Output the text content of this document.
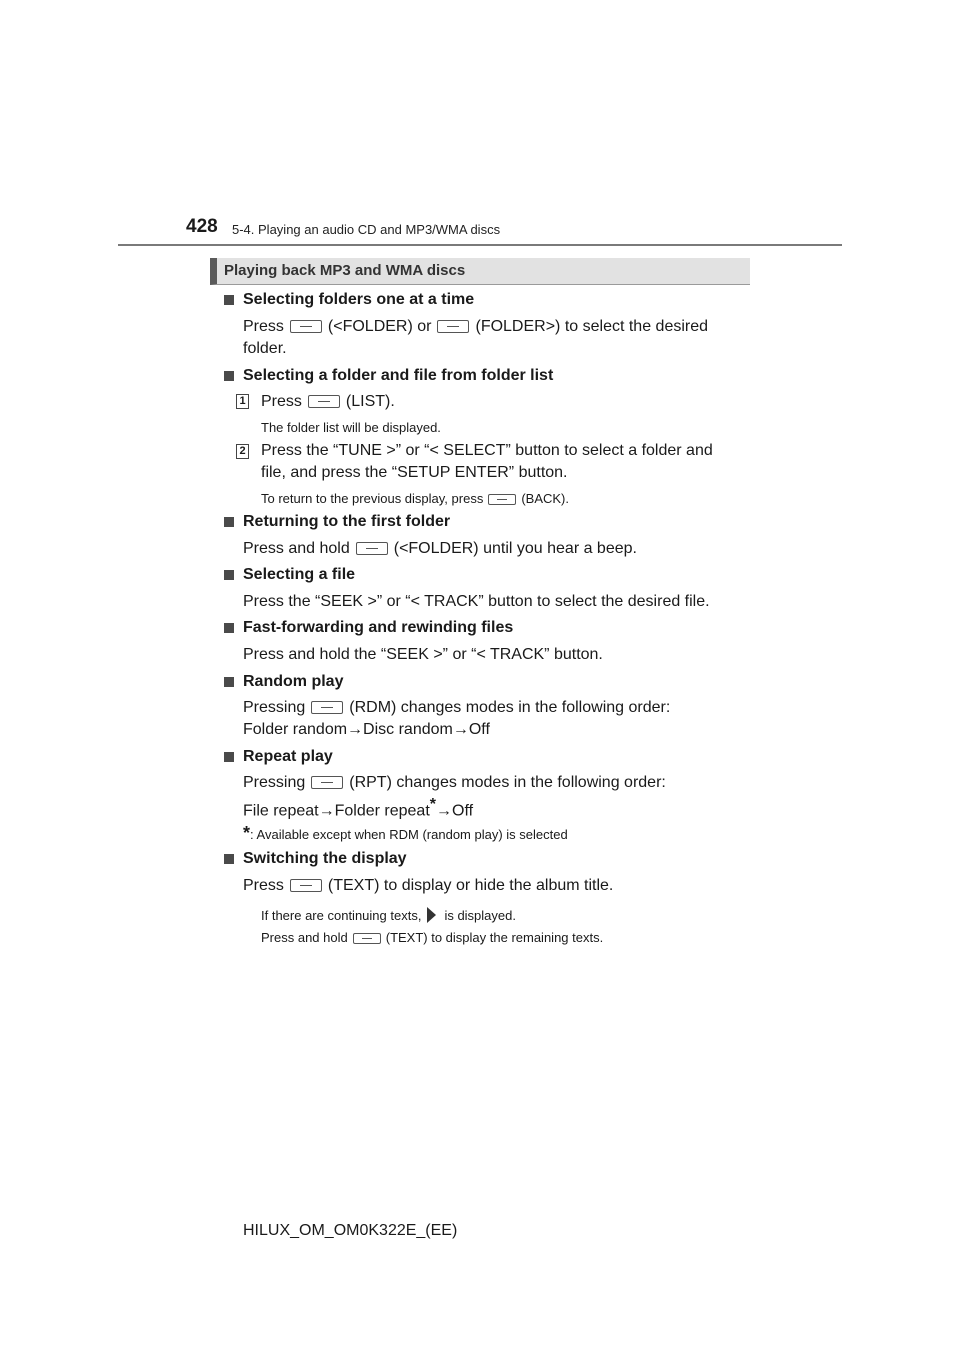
428 5-4. Playing an audio CD and MP3/WMA discs
Playing back MP3 and WMA discs
Selecting folders one at a time
Press	(<FOLDER) or	(FOLDER>) to select the desired
folder.
Selecting a folder and file from folder list
1 Press	(LIST).
The folder list will be displayed.
2 Press the “TUNE >” or “< SELECT” button to select a folder and
file, and press the “SETUP ENTER” button.
To return to the previous display, press	(BACK).
Returning to the first folder
Press and hold	(<FOLDER) until you hear a beep.
Selecting a file
Press the “SEEK >” or “< TRACK” button to select the desired file.
Fast-forwarding and rewinding files
Press and hold the “SEEK >” or “< TRACK” button.
Random play
Pressing	(RDM) changes modes in the following order:
Folder random→Disc random→Off
Repeat play
Pressing	(RPT) changes modes in the following order:
File repeat→Folder repeat*→Off
*: Available except when RDM (random play) is selected
Switching the display
Press	(TEXT) to display or hide the album title.
If there are continuing texts, is displayed.
Press and hold	(TEXT) to display the remaining texts.
HILUX_OM_OM0K322E_(EE)
